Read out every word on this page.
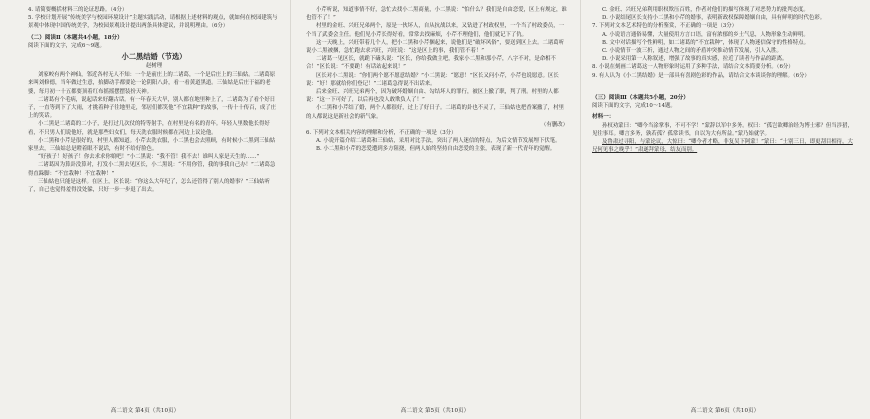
4. 请简要概括材料三的论证思路。（4分）

5. 学校计划开展“传统美学与校园环境设计”主题实践活动，请根据上述材料的观点，就如何在校园建筑与景观中体现中国传统美学，为校园景观设计提出两条具体建议，并说明理由。（6分）

（二）阅读Ⅱ（本题共4小题，18分）

阅读下面的文字，完成6～9题。

小二黑结婚（节选）

赵树理

刘家峧有两个神仙，邻近各村无人不知：一个是前庄上的二诸葛，一个是后庄上的三仙姑。二诸葛原来叫刘修德，当年做过生意，抬脚动手都要论一论阴阳八卦，看一看黄道黑道。三仙姑是后庄于福的老婆，每月初一十五都要顶着红布摇摇摆摆装扮天神。

二诸葛有个毛病，说起话来好翻古话。有一年春天大旱，别人都在地里种上了，二诸葛为了看个好日子，一直等到下了大雨，才挑着种子往地里走，邻居们都笑他“不宜栽种”的故事，一传十十传百，成了庄上的笑话。

小二黑是二诸葛的二小子，是打过几次仗的特等射手，在村里是有名的青年。年轻人里数他长得好看，不只男人们说他好，就是那些妇女们，每天洗衣服时候都在河边上议论他。

小二黑和小芹是很好的，村里人都知道。小芹去洗衣服，小二黑也会去照顾，有时候小二黑到三仙姑家里去，三仙姑总是瞪着眼不说话，有时不给好脸色。

“好孩子！好孩子！你去求求你娘吧！”小二黑说：“我不管！我不去！谁叫人家是天生的……”

二诸葛因为算卦没算对，打发小二黑去见区长，小二黑说：“不用你管，我的事我自己办！”二诸葛急得直跺脚：“不宜栽种！不宜栽种！”

三仙姑也只能是这样。在区上，区长说：“你这么大年纪了，怎么还管得了别人的婚事？”三仙姑听了，自己也觉得羞得没处躲，只好一步一步退了出去。

高二语文 第4页（共10页）

小芹听说，知道事情不好，急忙去找小二黑商量，小二黑说：“怕什么？我们是自由恋爱，区上有规定，谁也管不了！”

村里的金旺、兴旺兄弟两个，原是一伙坏人，自从抗战以来，又钻进了村政权里，一个当了村政委员，一个当了武委会主任。他们见小芹长得好看，常常去找麻烦，小芹不理他们，他们就记下了仇。

这一天晚上，兴旺带着几个人，把小二黑和小芹捆起来，说他们是“破坏风俗”，要送到区上去。二诸葛听说小二黑被捆，急忙跑去求兴旺，兴旺说：“这是区上的事，我们管不着！”

二诸葛一见区长，就跪下磕头说：“区长，你给我做主吧，我家小二黑和那小芹，八字不对，是命相不合！”区长说：“不要跪！有话站起来说！”

区长对小二黑说：“你们两个愿不愿意结婚？”小二黑说：“愿意！”区长又问小芹，小芹也说愿意。区长说：“好！那就给你们登记！”二诸葛急得说不出话来。

后来金旺、兴旺兄弟两个，因为破坏婚姻自由、勾结坏人的罪行，被区上撤了职，判了刑。村里的人都说：“这一下可好了，以后再也没人敢欺负人了！”

小二黑和小芹结了婚，两个人都很好，过上了好日子。二诸葛的卦也不灵了，三仙姑也把香案撤了，村里的人都说这是新社会的新气象。

（有删改）

6. 下列对文本相关内容的理解和分析，不正确的一项是（3分）

A. 小说开篇介绍二诸葛和三仙姑，采用对比手法，突出了两人迷信的特点，为后文情节发展埋下伏笔。

B. 小二黑和小芹的恋爱遭到多方阻挠，但两人始终坚持自由恋爱的主张，表现了新一代青年的觉醒。

高二语文 第5页（共10页）

C. 金旺、兴旺兄弟利用职权欺压百姓，作者对他们的描写体现了对恶势力的批判态度。

D. 小说结尾区长支持小二黑和小芹的婚事，表明新政权保障婚姻自由，具有鲜明的时代色彩。

7. 下列对文本艺术特色的分析鉴赏，不正确的一项是（3分）

A. 小说语言通俗易懂，大量使用方言口语，富有浓郁的乡土气息，人物形象生动鲜明。

B. 文中对话描写个性鲜明，如二诸葛的“不宜栽种”，体现了人物迷信保守的性格特点。

C. 小说情节一波三折，通过人物之间的矛盾冲突推动情节发展，引人入胜。

D. 小说采用第一人称叙述，增强了故事的真实感，拉近了读者与作品的距离。

8. 小说在刻画二诸葛这一人物形象时运用了多种手法，请结合文本简要分析。（6分）

9. 有人认为《小二黑结婚》是一部具有喜剧色彩的作品，请结合文本谈谈你的理解。（6分）

（三）阅读Ⅲ（本题共5小题，20分）

阅读下面的文字，完成10～14题。

材料一：

孙权劝蒙曰：“卿今当涂掌事，不可不学！”蒙辞以军中多务。权曰：“孤岂欲卿治经为博士邪？但当涉猎，见往事耳。卿言多务，孰若孤？孤常读书，自以为大有所益。”蒙乃始就学。

及鲁肃过寻阳，与蒙论议，大惊曰：“卿今者才略，非复吴下阿蒙！”蒙曰：“士别三日，即更刮目相待，大兄何见事之晚乎！”肃遂拜蒙母，结友而别。

高二语文 第6页（共10页）
